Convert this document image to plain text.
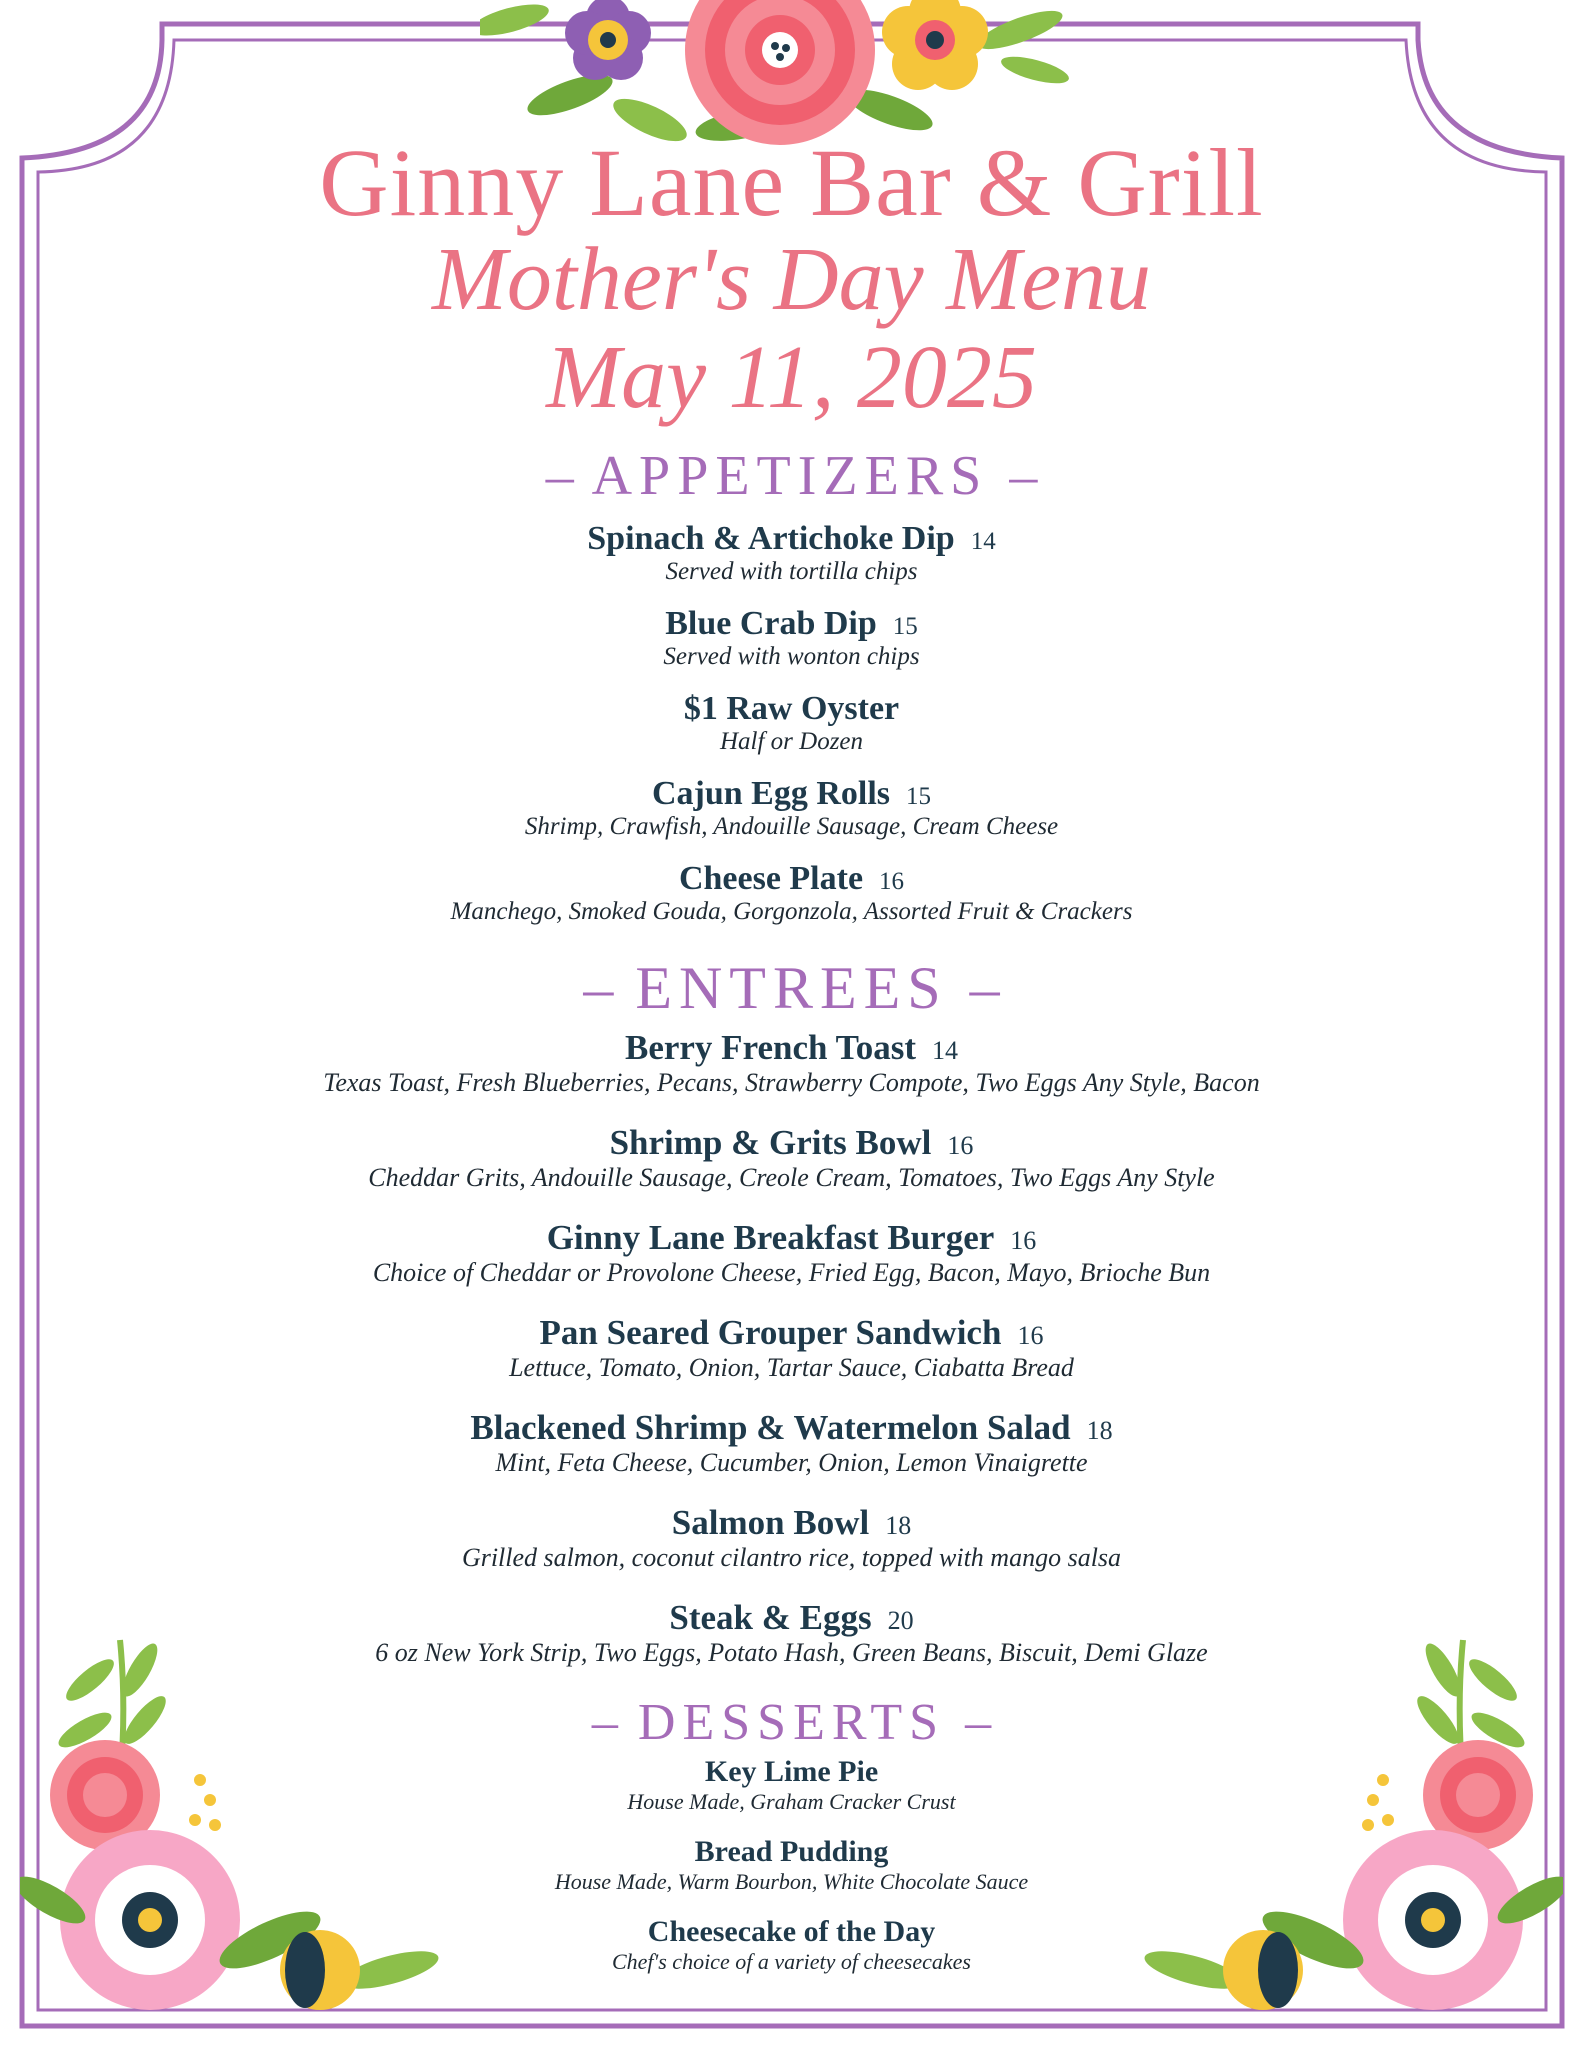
Ginny Lane Bar & Grill
Mother's Day Menu
May 11, 2025
– APPETIZERS –
Spinach & Artichoke Dip 14
Served with tortilla chips
Blue Crab Dip 15
Served with wonton chips
$1 Raw Oyster
Half or Dozen
Cajun Egg Rolls 15
Shrimp, Crawfish, Andouille Sausage, Cream Cheese
Cheese Plate 16
Manchego, Smoked Gouda, Gorgonzola, Assorted Fruit & Crackers
– ENTREES –
Berry French Toast 14
Texas Toast, Fresh Blueberries, Pecans, Strawberry Compote, Two Eggs Any Style, Bacon
Shrimp & Grits Bowl 16
Cheddar Grits, Andouille Sausage, Creole Cream, Tomatoes, Two Eggs Any Style
Ginny Lane Breakfast Burger 16
Choice of Cheddar or Provolone Cheese, Fried Egg, Bacon, Mayo, Brioche Bun
Pan Seared Grouper Sandwich 16
Lettuce, Tomato, Onion, Tartar Sauce, Ciabatta Bread
Blackened Shrimp & Watermelon Salad 18
Mint, Feta Cheese, Cucumber, Onion, Lemon Vinaigrette
Salmon Bowl 18
Grilled salmon, coconut cilantro rice, topped with mango salsa
Steak & Eggs 20
6 oz New York Strip, Two Eggs, Potato Hash, Green Beans, Biscuit, Demi Glaze
– DESSERTS –
Key Lime Pie
House Made, Graham Cracker Crust
Bread Pudding
House Made, Warm Bourbon, White Chocolate Sauce
Cheesecake of the Day
Chef's choice of a variety of cheesecakes
